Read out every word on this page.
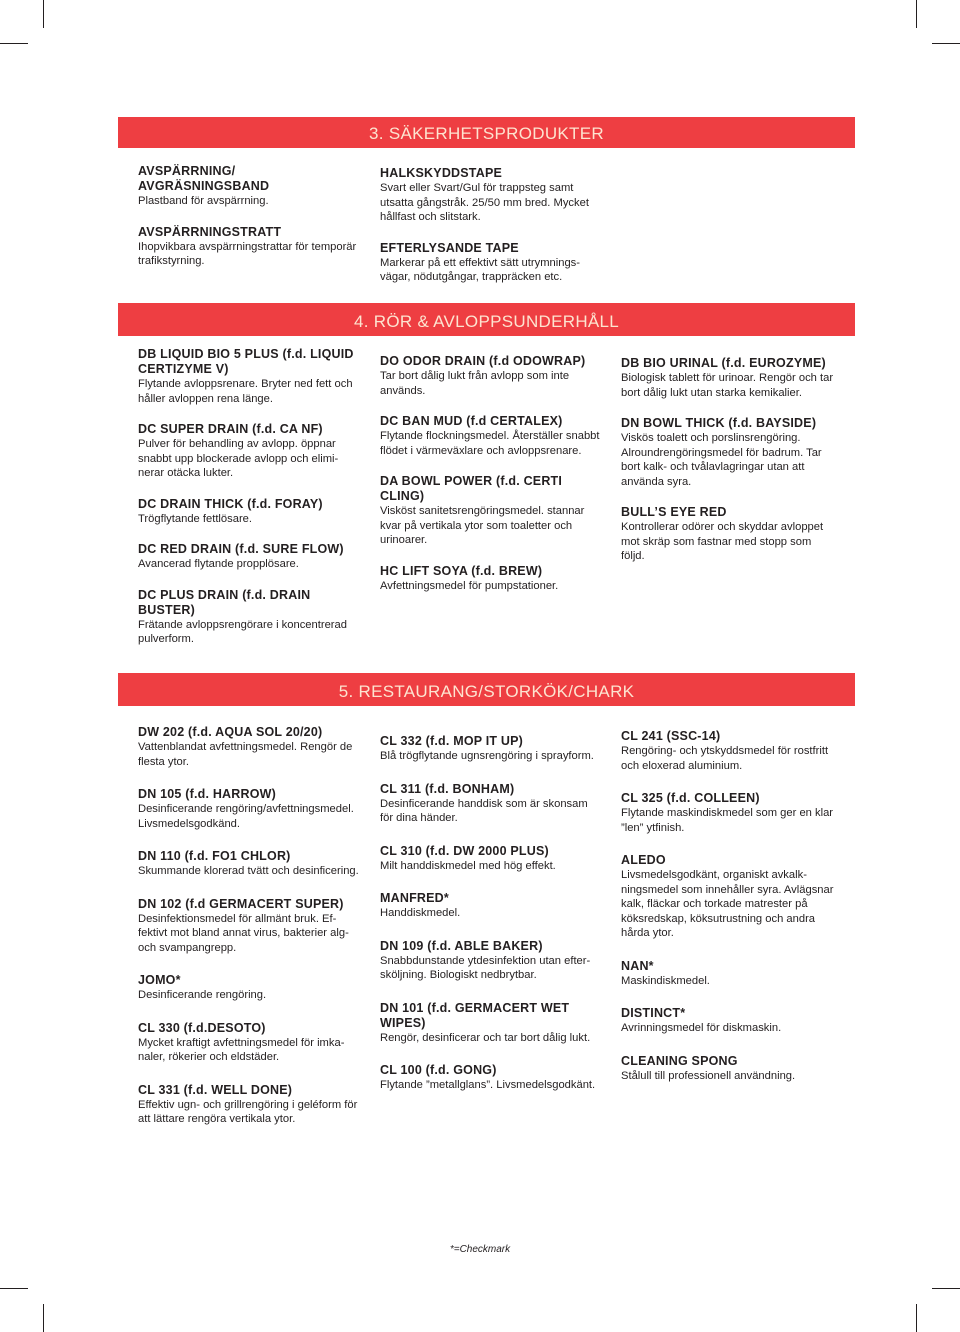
3. SÄKERHETSPRODUKTER
AVSPÄRRNING/ AVGRÄSNINGSBAND

Plastband för avspärrning.

AVSPÄRRNINGSTRATT

Ihopvikbara avspärrningstrattar för temporär trafikstyrning.

HALKSKYDDSTAPE

Svart eller Svart/Gul för trappsteg samt utsatta gångstråk. 25/50 mm bred. Mycket hållfast och slitstark.

EFTERLYSANDE TAPE

Markerar på ett effektivt sätt utrymningsvägar, nödutgångar, trappräcken etc.

4. RÖR & AVLOPPSUNDERHÅLL
DB LIQUID BIO 5 PLUS (f.d. LIQUID CERTIZYME V)

Flytande avloppsrenare. Bryter ned fett och håller avloppen rena länge.

DC SUPER DRAIN (f.d. CA NF)

Pulver för behandling av avlopp. öppnar snabbt upp blockerade avlopp och eliminerar otäcka lukter.

DC DRAIN THICK (f.d. FORAY)

Trögflytande fettlösare.

DC RED DRAIN (f.d. SURE FLOW)

Avancerad flytande propplösare.

DC PLUS DRAIN (f.d. DRAIN BUSTER)

Frätande avloppsrengörare i koncentrerad pulverform.

DO ODOR DRAIN (f.d ODOWRAP)

Tar bort dålig lukt från avlopp som inte används.

DC BAN MUD (f.d CERTALEX)

Flytande flockningsmedel. Återställer snabbt flödet i värmeväxlare och avloppsrenare.

DA BOWL POWER (f.d. CERTI CLING)

Visköst sanitetsrengöringsmedel. stannar kvar på vertikala ytor som toaletter och urinoarer.

HC LIFT SOYA (f.d. BREW)

Avfettningsmedel för pumpstationer.

DB BIO URINAL (f.d. EUROZYME)

Biologisk tablett för urinoar. Rengör och tar bort dålig lukt utan starka kemikalier.

DN BOWL THICK (f.d. BAYSIDE)

Viskös toalett och porslinsrengöring. Alroundrengöringsmedel för badrum. Tar bort kalk- och tvålavlagringar utan att använda syra.

BULL’S EYE RED

Kontrollerar odörer och skyddar avloppet mot skräp som fastnar med stopp som följd.

5. RESTAURANG/STORKÖK/CHARK
DW 202 (f.d. AQUA SOL 20/20)

Vattenblandat avfettningsmedel. Rengör de flesta ytor.

DN 105 (f.d. HARROW)

Desinficerande rengöring/avfettningsmedel. Livsmedelsgodkänd.

DN 110 (f.d. FO1 CHLOR)

Skummande klorerad tvätt och desinficering.

DN 102 (f.d GERMACERT SUPER)

Desinfektionsmedel för allmänt bruk. Effektivt mot bland annat virus, bakterier alg- och svampangrepp.

JOMO*

Desinficerande rengöring.

CL 330 (f.d.DESOTO)

Mycket kraftigt avfettningsmedel för imkanaler, rökerier och eldstäder.

CL 331 (f.d. WELL DONE)

Effektiv ugn- och grillrengöring i geléform för att lättare rengöra vertikala ytor.

CL 332 (f.d. MOP IT UP)

Blå trögflytande ugnsrengöring i sprayform.

CL 311 (f.d. BONHAM)

Desinficerande handdisk som är skonsam för dina händer.

CL 310 (f.d. DW 2000 PLUS)

Milt handdiskmedel med hög effekt.

MANFRED*

Handdiskmedel.

DN 109 (f.d. ABLE BAKER)

Snabbdunstande ytdesinfektion utan eftersköljning. Biologiskt nedbrytbar.

DN 101 (f.d. GERMACERT WET WIPES)

Rengör, desinficerar och tar bort dålig lukt.

CL 100 (f.d. GONG)

Flytande ”metallglans”. Livsmedelsgodkänt.

CL 241 (SSC-14)

Rengöring- och ytskyddsmedel för rostfritt och eloxerad aluminium.

CL 325 (f.d. COLLEEN)

Flytande maskindiskmedel som ger en klar ”len” ytfinish.

ALEDO

Livsmedelsgodkänt, organiskt avkalkningsmedel som innehåller syra. Avlägsnar kalk, fläckar och torkade matrester på köksredskap, köksutrustning och andra hårda ytor.

NAN*

Maskindiskmedel.

DISTINCT*

Avrinningsmedel för diskmaskin.

CLEANING SPONG

Stålull till professionell användning.

*=Checkmark
